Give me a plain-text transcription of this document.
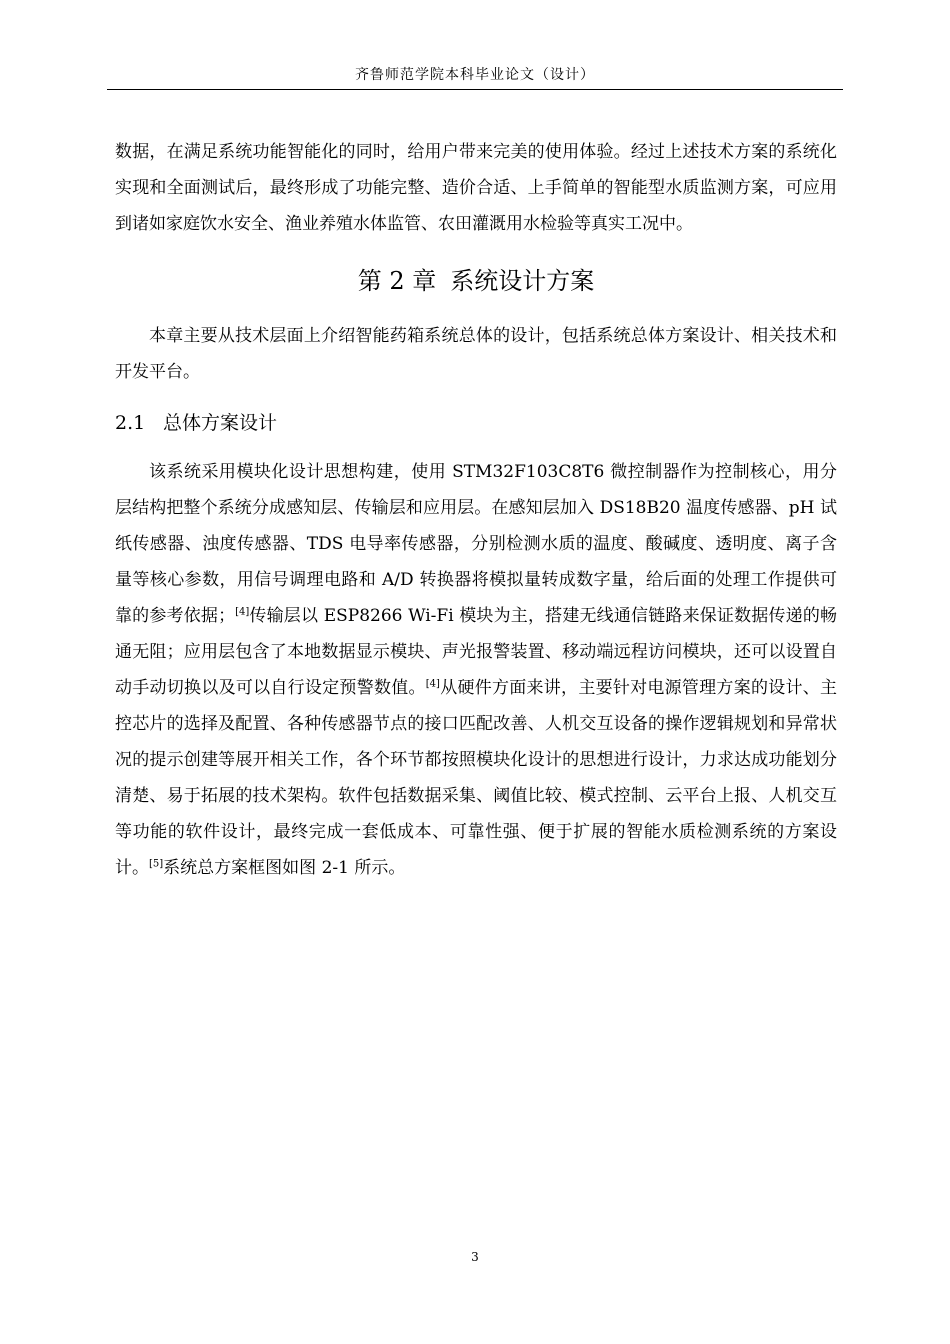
齐鲁师范学院本科毕业论文（设计）

数据，在满足系统功能智能化的同时，给用户带来完美的使用体验。经过上述技术方案的系统化实现和全面测试后，最终形成了功能完整、造价合适、上手简单的智能型水质监测方案，可应用到诸如家庭饮水安全、渔业养殖水体监管、农田灌溉用水检验等真实工况中。

第 2 章 系统设计方案

本章主要从技术层面上介绍智能药箱系统总体的设计，包括系统总体方案设计、相关技术和开发平台。

2.1 总体方案设计

该系统采用模块化设计思想构建，使用 STM32F103C8T6 微控制器作为控制核心，用分层结构把整个系统分成感知层、传输层和应用层。在感知层加入 DS18B20 温度传感器、pH 试纸传感器、浊度传感器、TDS 电导率传感器，分别检测水质的温度、酸碱度、透明度、离子含量等核心参数，用信号调理电路和 A/D 转换器将模拟量转成数字量，给后面的处理工作提供可靠的参考依据；[4]传输层以 ESP8266 Wi-Fi 模块为主，搭建无线通信链路来保证数据传递的畅通无阻；应用层包含了本地数据显示模块、声光报警装置、移动端远程访问模块，还可以设置自动手动切换以及可以自行设定预警数值。[4]从硬件方面来讲，主要针对电源管理方案的设计、主控芯片的选择及配置、各种传感器节点的接口匹配改善、人机交互设备的操作逻辑规划和异常状况的提示创建等展开相关工作，各个环节都按照模块化设计的思想进行设计，力求达成功能划分清楚、易于拓展的技术架构。软件包括数据采集、阈值比较、模式控制、云平台上报、人机交互等功能的软件设计，最终完成一套低成本、可靠性强、便于扩展的智能水质检测系统的方案设计。[5]系统总方案框图如图 2-1 所示。

3
